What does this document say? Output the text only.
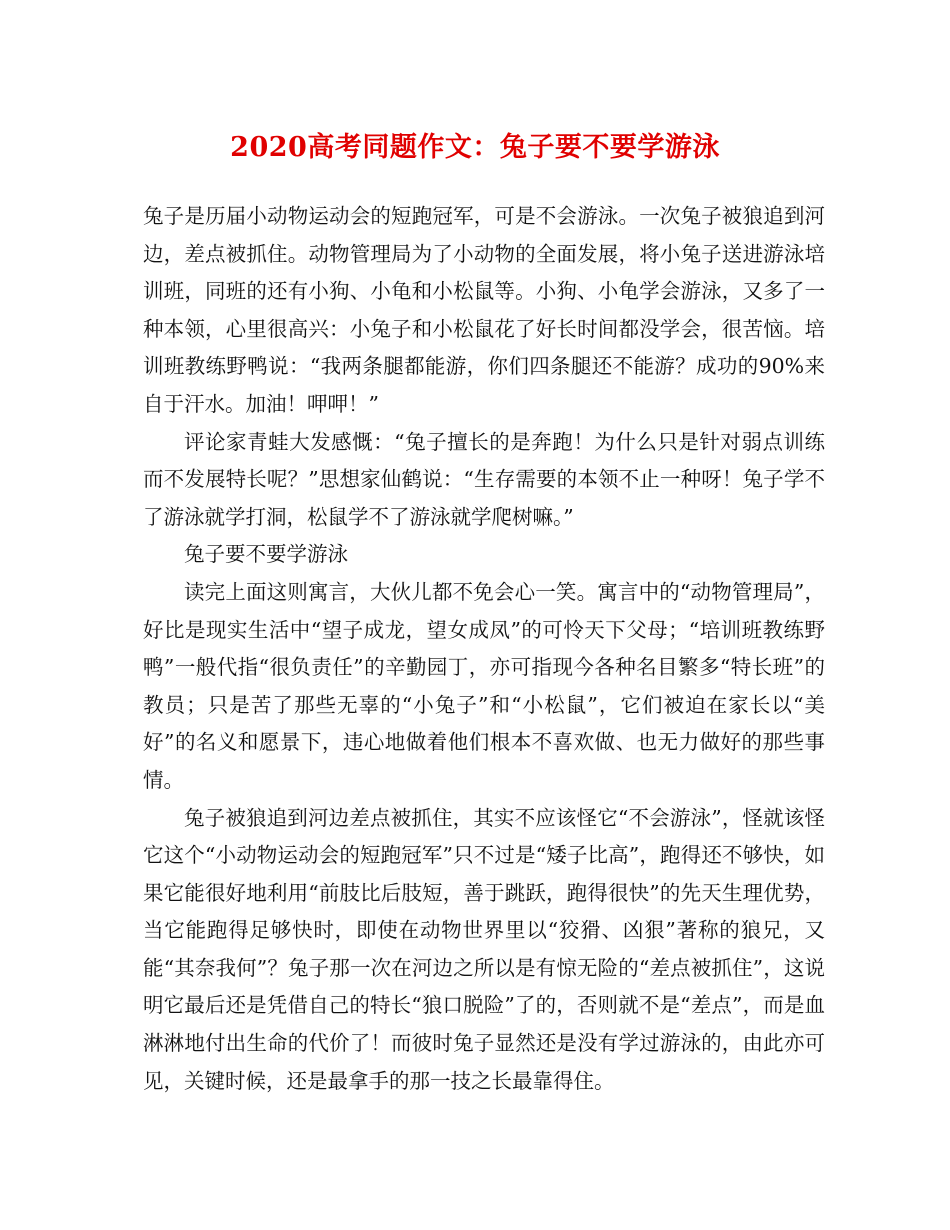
2020高考同题作文：兔子要不要学游泳

兔子是历届小动物运动会的短跑冠军，可是不会游泳。一次兔子被狼追到河边，差点被抓住。动物管理局为了小动物的全面发展，将小兔子送进游泳培训班，同班的还有小狗、小龟和小松鼠等。小狗、小龟学会游泳，又多了一种本领，心里很高兴：小兔子和小松鼠花了好长时间都没学会，很苦恼。培训班教练野鸭说：“我两条腿都能游，你们四条腿还不能游？成功的90%来自于汗水。加油！呷呷！”

评论家青蛙大发感慨：“兔子擅长的是奔跑！为什么只是针对弱点训练而不发展特长呢？”思想家仙鹤说：“生存需要的本领不止一种呀！兔子学不了游泳就学打洞，松鼠学不了游泳就学爬树嘛。”

兔子要不要学游泳

读完上面这则寓言，大伙儿都不免会心一笑。寓言中的“动物管理局”，好比是现实生活中“望子成龙，望女成凤”的可怜天下父母；“培训班教练野鸭”一般代指“很负责任”的辛勤园丁，亦可指现今各种名目繁多“特长班”的教员；只是苦了那些无辜的“小兔子”和“小松鼠”，它们被迫在家长以“美好”的名义和愿景下，违心地做着他们根本不喜欢做、也无力做好的那些事情。

兔子被狼追到河边差点被抓住，其实不应该怪它“不会游泳”，怪就该怪它这个“小动物运动会的短跑冠军”只不过是“矮子比高”，跑得还不够快，如果它能很好地利用“前肢比后肢短，善于跳跃，跑得很快”的先天生理优势，当它能跑得足够快时，即使在动物世界里以“狡猾、凶狠”著称的狼兄，又能“其奈我何”？兔子那一次在河边之所以是有惊无险的“差点被抓住”，这说明它最后还是凭借自己的特长“狼口脱险”了的，否则就不是“差点”，而是血淋淋地付出生命的代价了！而彼时兔子显然还是没有学过游泳的，由此亦可见，关键时候，还是最拿手的那一技之长最靠得住。
